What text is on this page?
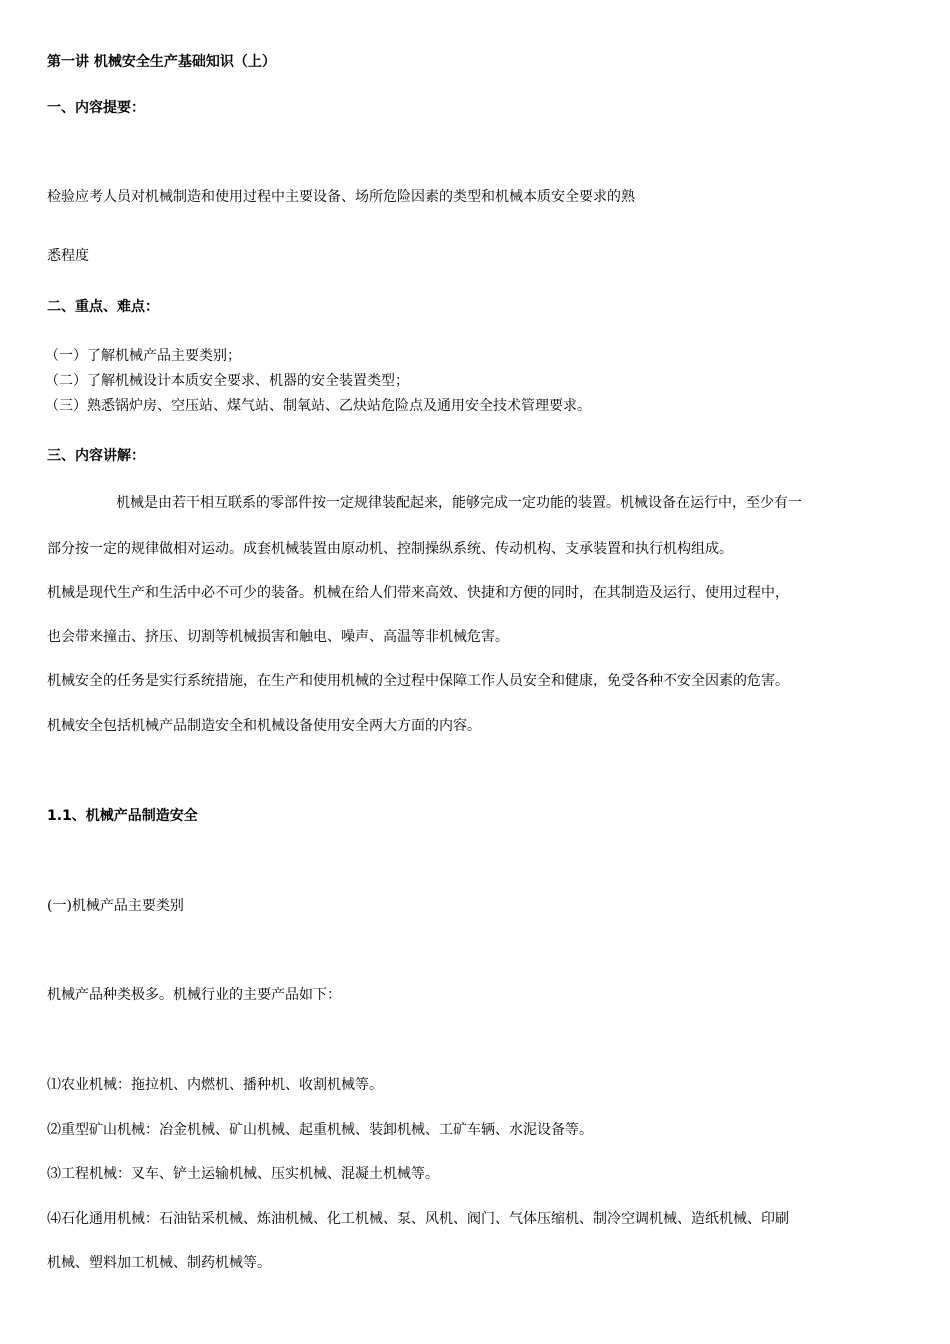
第一讲 机械安全生产基础知识（上）

一、内容提要：

检验应考人员对机械制造和使用过程中主要设备、场所危险因素的类型和机械本质安全要求的熟

悉程度

二、重点、难点：

（一）了解机械产品主要类别；

（二）了解机械设计本质安全要求、机器的安全装置类型；

（三）熟悉锅炉房、空压站、煤气站、制氧站、乙炔站危险点及通用安全技术管理要求。

三、内容讲解：

机械是由若干相互联系的零部件按一定规律装配起来，能够完成一定功能的装置。机械设备在运行中，至少有一

部分按一定的规律做相对运动。成套机械装置由原动机、控制操纵系统、传动机构、支承装置和执行机构组成。

机械是现代生产和生活中必不可少的装备。机械在给人们带来高效、快捷和方便的同时，在其制造及运行、使用过程中，

也会带来撞击、挤压、切割等机械损害和触电、噪声、高温等非机械危害。

机械安全的任务是实行系统措施，在生产和使用机械的全过程中保障工作人员安全和健康，免受各种不安全因素的危害。

机械安全包括机械产品制造安全和机械设备使用安全两大方面的内容。

1.1、机械产品制造安全

(一)机械产品主要类别

机械产品种类极多。机械行业的主要产品如下：

⑴农业机械：拖拉机、内燃机、播种机、收割机械等。

⑵重型矿山机械：冶金机械、矿山机械、起重机械、装卸机械、工矿车辆、水泥设备等。

⑶工程机械：叉车、铲土运输机械、压实机械、混凝土机械等。

⑷石化通用机械：石油钻采机械、炼油机械、化工机械、泵、风机、阀门、气体压缩机、制冷空调机械、造纸机械、印刷

机械、塑料加工机械、制药机械等。
